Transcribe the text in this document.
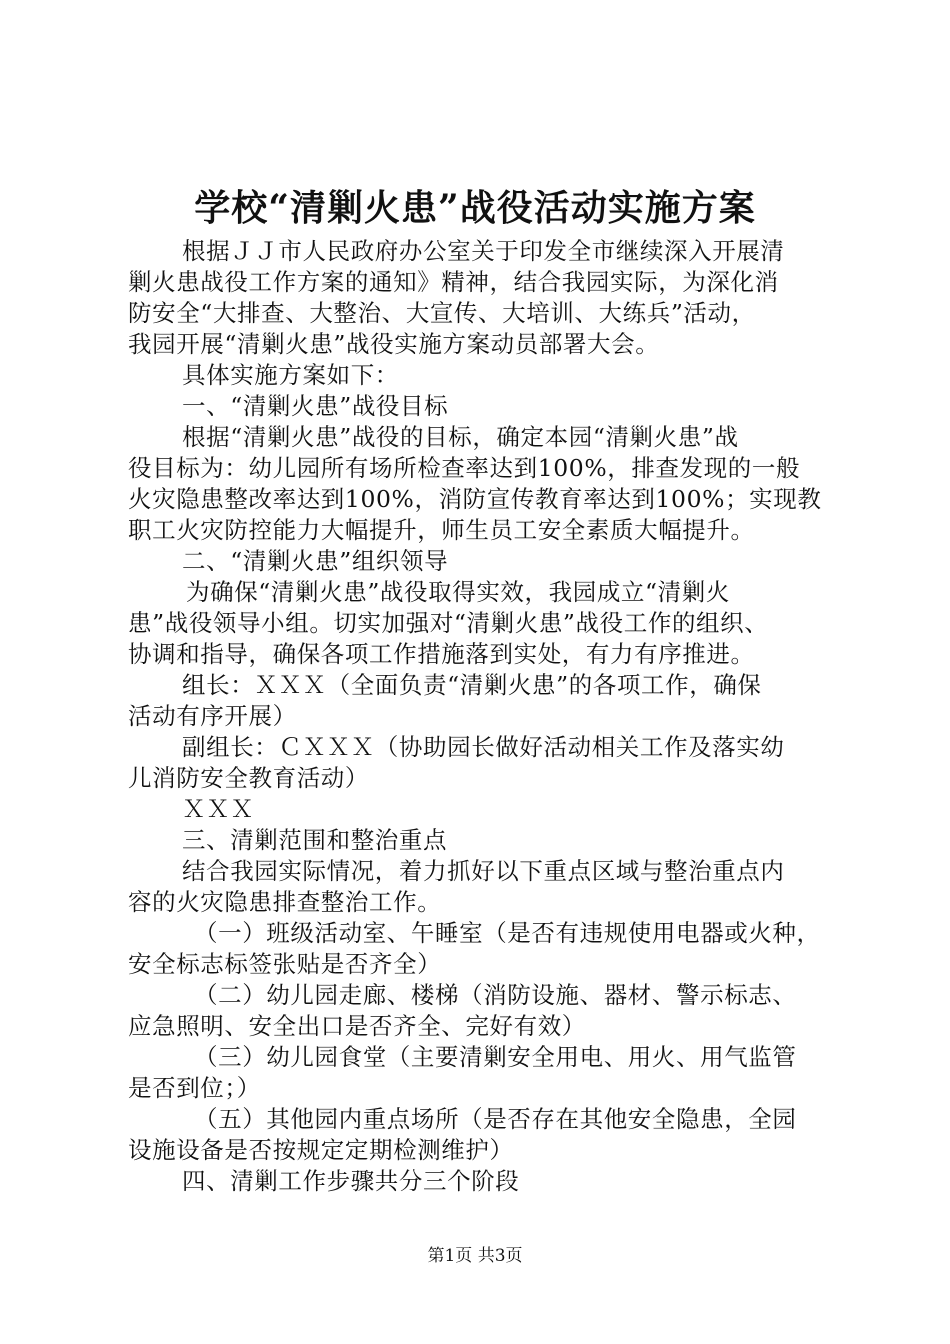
学校“清剿火患”战役活动实施方案
根据ＪＪ市人民政府办公室关于印发全市继续深入开展清
剿火患战役工作方案的通知》精神，结合我园实际，为深化消
防安全“大排查、大整治、大宣传、大培训、大练兵”活动，
我园开展“清剿火患”战役实施方案动员部署大会。
具体实施方案如下：
一、“清剿火患”战役目标
根据“清剿火患”战役的目标，确定本园“清剿火患”战
役目标为：幼儿园所有场所检查率达到100%，排查发现的一般
火灾隐患整改率达到100%，消防宣传教育率达到100%；实现教
职工火灾防控能力大幅提升，师生员工安全素质大幅提升。
二、“清剿火患”组织领导
为确保“清剿火患”战役取得实效，我园成立“清剿火
患”战役领导小组。切实加强对“清剿火患”战役工作的组织、
协调和指导，确保各项工作措施落到实处，有力有序推进。
组长：ＸＸＸ（全面负责“清剿火患”的各项工作，确保
活动有序开展）
副组长：ＣＸＸＸ（协助园长做好活动相关工作及落实幼
儿消防安全教育活动）
ＸＸＸ
三、清剿范围和整治重点
结合我园实际情况，着力抓好以下重点区域与整治重点内
容的火灾隐患排查整治工作。
（一）班级活动室、午睡室（是否有违规使用电器或火种，
安全标志标签张贴是否齐全）
（二）幼儿园走廊、楼梯（消防设施、器材、警示标志、
应急照明、安全出口是否齐全、完好有效）
（三）幼儿园食堂（主要清剿安全用电、用火、用气监管
是否到位；）
（五）其他园内重点场所（是否存在其他安全隐患，全园
设施设备是否按规定定期检测维护）
四、清剿工作步骤共分三个阶段
第1页 共3页
